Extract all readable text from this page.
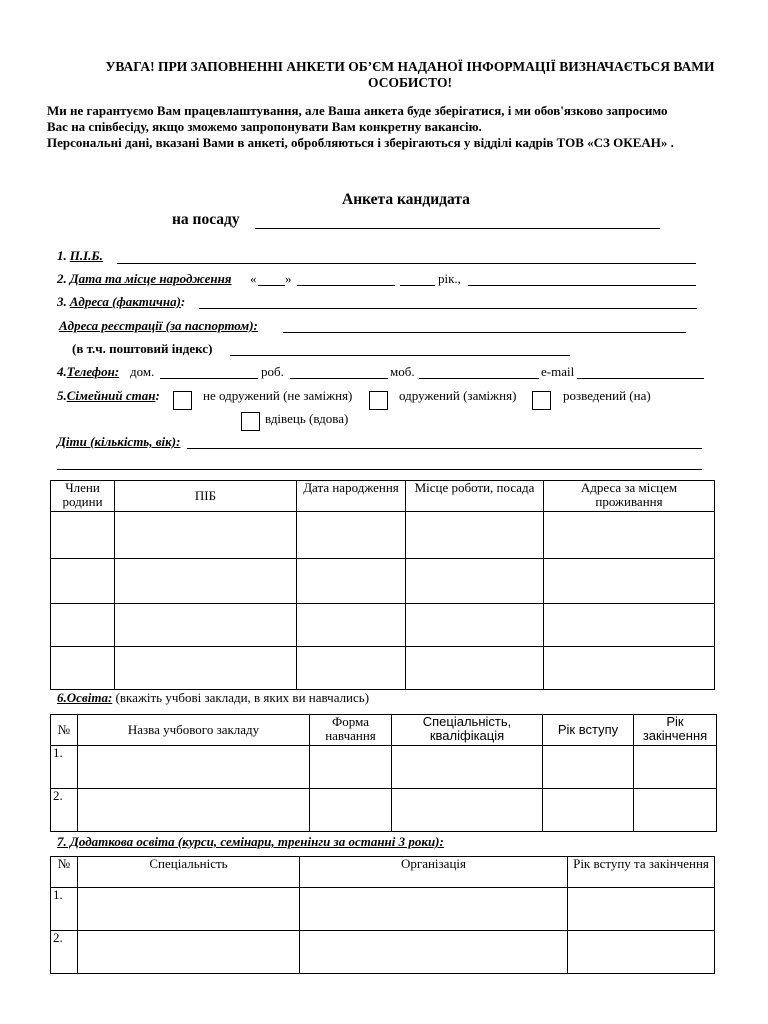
УВАГА! ПРИ ЗАПОВНЕННІ АНКЕТИ ОБ’ЄМ НАДАНОЇ ІНФОРМАЦІЇ ВИЗНАЧАЄТЬСЯ ВАМИ
ОСОБИСТО!
Ми не гарантуємо Вам працевлаштування, але Ваша анкета буде зберігатися, і ми обов'язково запросимо
Вас на співбесіду, якщо зможемо запропонувати Вам конкретну вакансію.
Персональні дані, вказані Вами в анкеті, обробляються і зберігаються у відділі кадрів ТОВ «СЗ ОКЕАН» .
Анкета кандидата
на посаду
1. П.І.Б.
2. Дата та місце народження « »	рік.,
3. Адреса (фактична):
Адреса реєстрації (за паспортом):
(в т.ч. поштовий індекс)
4.Телефон: дом.	роб.	моб.	e-mail
5.Сімейний стан:	не одружений (не заміжня)	одружений (заміжня)	розведений (на)
вдівець (вдова)
Діти (кількість, вік):
Члени родини	ПІБ	Дата народження	Місце роботи, посада	Адреса за місцем проживання

6.Освіта: (вкажіть учбові заклади, в яких ви навчались)
№	Назва учбового закладу	Форма навчання	Спеціальність, кваліфікація	Рік вступу	Рік закінчення
1.					
2.					
7. Додаткова освіта (курси, семінари, тренінги за останні 3 роки):
№	Спеціальність	Організація	Рік вступу та закінчення
1.			
2.			
